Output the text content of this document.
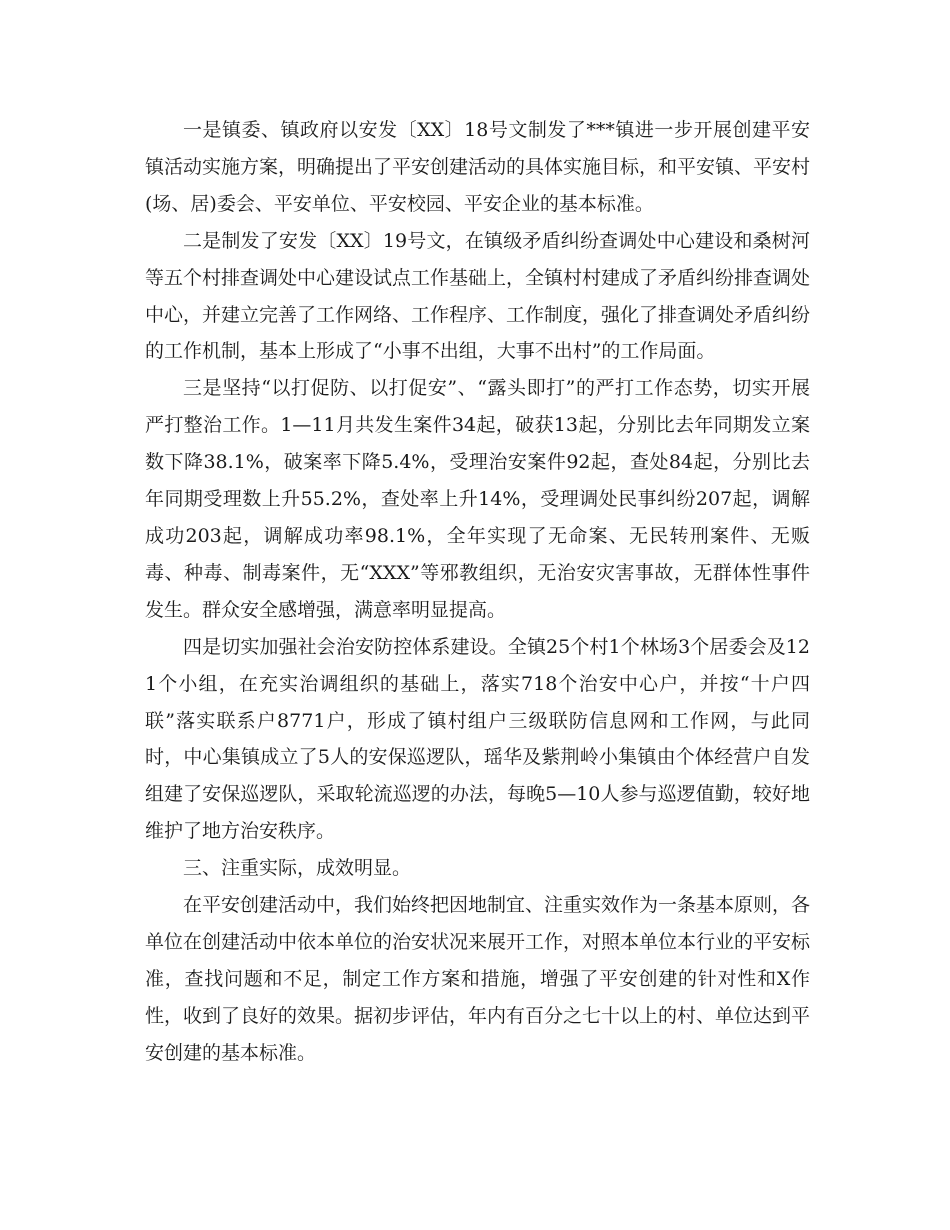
一是镇委、镇政府以安发〔XX〕18号文制发了***镇进一步开展创建平安镇活动实施方案，明确提出了平安创建活动的具体实施目标，和平安镇、平安村(场、居)委会、平安单位、平安校园、平安企业的基本标准。

二是制发了安发〔XX〕19号文，在镇级矛盾纠纷查调处中心建设和桑树河等五个村排查调处中心建设试点工作基础上，全镇村村建成了矛盾纠纷排查调处中心，并建立完善了工作网络、工作程序、工作制度，强化了排查调处矛盾纠纷的工作机制，基本上形成了“小事不出组，大事不出村”的工作局面。

三是坚持“以打促防、以打促安”、“露头即打”的严打工作态势，切实开展严打整治工作。1—11月共发生案件34起，破获13起，分别比去年同期发立案数下降38.1%，破案率下降5.4%，受理治安案件92起，查处84起，分别比去年同期受理数上升55.2%，查处率上升14%，受理调处民事纠纷207起，调解成功203起，调解成功率98.1%，全年实现了无命案、无民转刑案件、无贩毒、种毒、制毒案件，无“XXX”等邪教组织，无治安灾害事故，无群体性事件发生。群众安全感增强，满意率明显提高。

四是切实加强社会治安防控体系建设。全镇25个村1个林场3个居委会及121个小组，在充实治调组织的基础上，落实718个治安中心户，并按“十户四联”落实联系户8771户，形成了镇村组户三级联防信息网和工作网，与此同时，中心集镇成立了5人的安保巡逻队，瑶华及紫荆岭小集镇由个体经营户自发组建了安保巡逻队，采取轮流巡逻的办法，每晚5—10人参与巡逻值勤，较好地维护了地方治安秩序。

三、注重实际，成效明显。

在平安创建活动中，我们始终把因地制宜、注重实效作为一条基本原则，各单位在创建活动中依本单位的治安状况来展开工作，对照本单位本行业的平安标准，查找问题和不足，制定工作方案和措施，增强了平安创建的针对性和X作性，收到了良好的效果。据初步评估，年内有百分之七十以上的村、单位达到平安创建的基本标准。
